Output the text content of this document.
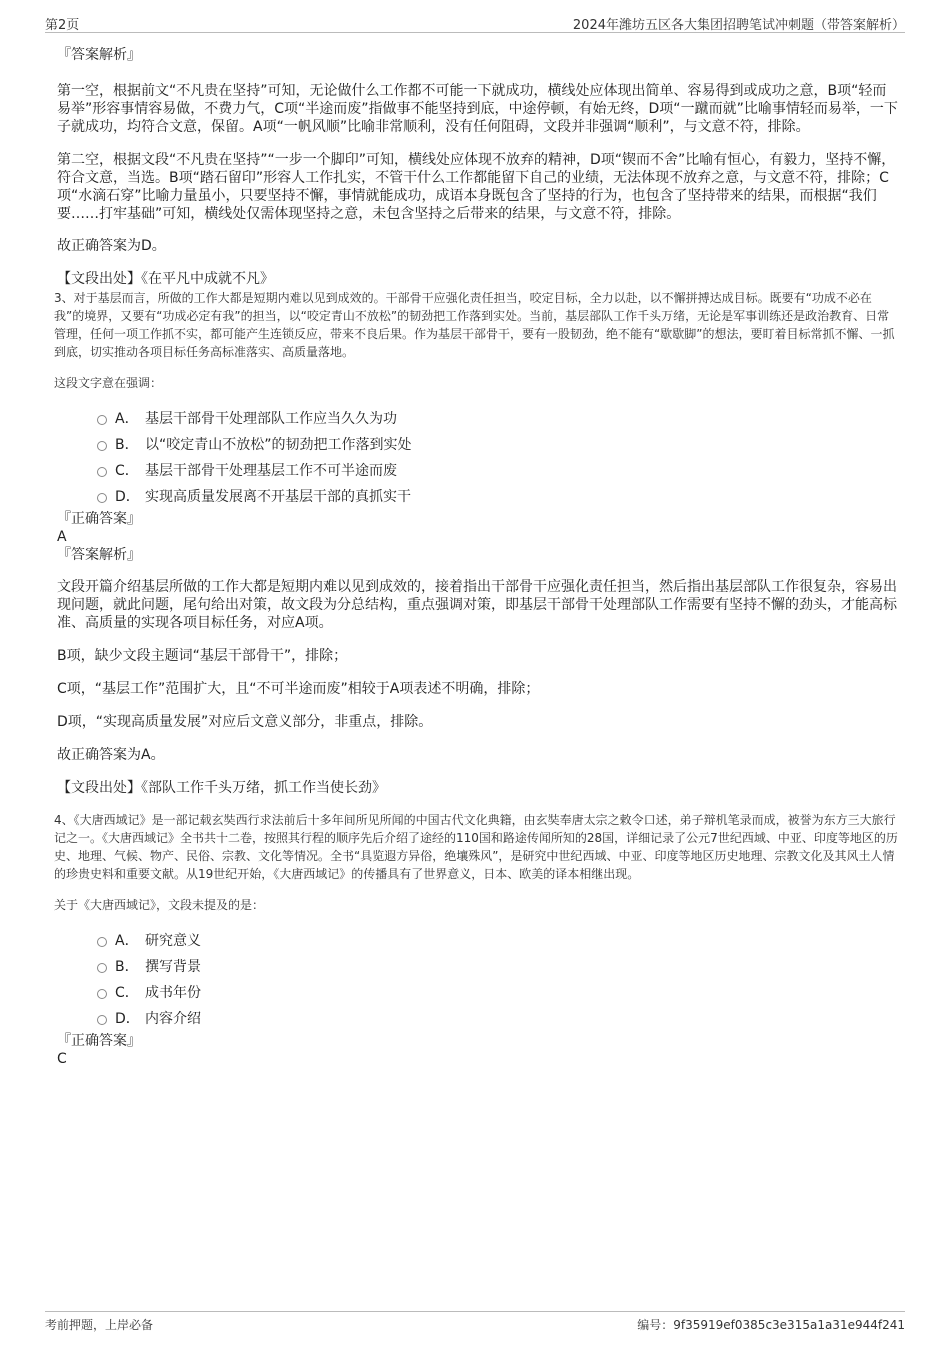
第2页	2024年潍坊五区各大集团招聘笔试冲刺题（带答案解析）

『答案解析』

第一空，根据前文“不凡贵在坚持”可知，无论做什么工作都不可能一下就成功，横线处应体现出简单、容易得到或成功之意，B项“轻而易举”形容事情容易做，不费力气，C项“半途而废”指做事不能坚持到底，中途停顿，有始无终，D项“一蹴而就”比喻事情轻而易举，一下子就成功，均符合文意，保留。A项“一帆风顺”比喻非常顺利，没有任何阻碍，文段并非强调“顺利”，与文意不符，排除。

第二空，根据文段“不凡贵在坚持”“一步一个脚印”可知，横线处应体现不放弃的精神，D项“锲而不舍”比喻有恒心，有毅力，坚持不懈，符合文意，当选。B项“踏石留印”形容人工作扎实，不管干什么工作都能留下自己的业绩，无法体现不放弃之意，与文意不符，排除；C项“水滴石穿”比喻力量虽小，只要坚持不懈，事情就能成功，成语本身既包含了坚持的行为，也包含了坚持带来的结果，而根据“我们要……打牢基础”可知，横线处仅需体现坚持之意，未包含坚持之后带来的结果，与文意不符，排除。

故正确答案为D。

【文段出处】《在平凡中成就不凡》

3、对于基层而言，所做的工作大都是短期内难以见到成效的。干部骨干应强化责任担当，咬定目标，全力以赴，以不懈拼搏达成目标。既要有“功成不必在我”的境界，又要有“功成必定有我”的担当，以“咬定青山不放松”的韧劲把工作落到实处。当前，基层部队工作千头万绪，无论是军事训练还是政治教育、日常管理，任何一项工作抓不实，都可能产生连锁反应，带来不良后果。作为基层干部骨干，要有一股韧劲，绝不能有“歇歇脚”的想法，要盯着目标常抓不懈、一抓到底，切实推动各项目标任务高标准落实、高质量落地。

这段文字意在强调：

A． 基层干部骨干处理部队工作应当久久为功
B． 以“咬定青山不放松”的韧劲把工作落到实处
C． 基层干部骨干处理基层工作不可半途而废
D． 实现高质量发展离不开基层干部的真抓实干

『正确答案』

A

『答案解析』

文段开篇介绍基层所做的工作大都是短期内难以见到成效的，接着指出干部骨干应强化责任担当，然后指出基层部队工作很复杂，容易出现问题，就此问题，尾句给出对策，故文段为分总结构，重点强调对策，即基层干部骨干处理部队工作需要有坚持不懈的劲头，才能高标准、高质量的实现各项目标任务，对应A项。

B项，缺少文段主题词“基层干部骨干”，排除；

C项，“基层工作”范围扩大，且“不可半途而废”相较于A项表述不明确，排除；

D项，“实现高质量发展”对应后文意义部分，非重点，排除。

故正确答案为A。

【文段出处】《部队工作千头万绪，抓工作当使长劲》

4、《大唐西域记》是一部记载玄奘西行求法前后十多年间所见所闻的中国古代文化典籍，由玄奘奉唐太宗之敕令口述，弟子辩机笔录而成，被誉为东方三大旅行记之一。《大唐西域记》全书共十二卷，按照其行程的顺序先后介绍了途经的110国和路途传闻所知的28国，详细记录了公元7世纪西域、中亚、印度等地区的历史、地理、气候、物产、民俗、宗教、文化等情况。全书“具览遐方异俗，绝壤殊风”，是研究中世纪西域、中亚、印度等地区历史地理、宗教文化及其风土人情的珍贵史料和重要文献。从19世纪开始，《大唐西域记》的传播具有了世界意义，日本、欧美的译本相继出现。

关于《大唐西域记》，文段未提及的是：

A． 研究意义
B． 撰写背景
C． 成书年份
D． 内容介绍

『正确答案』

C

考前押题，上岸必备	编号：9f35919ef0385c3e315a1a31e944f241
